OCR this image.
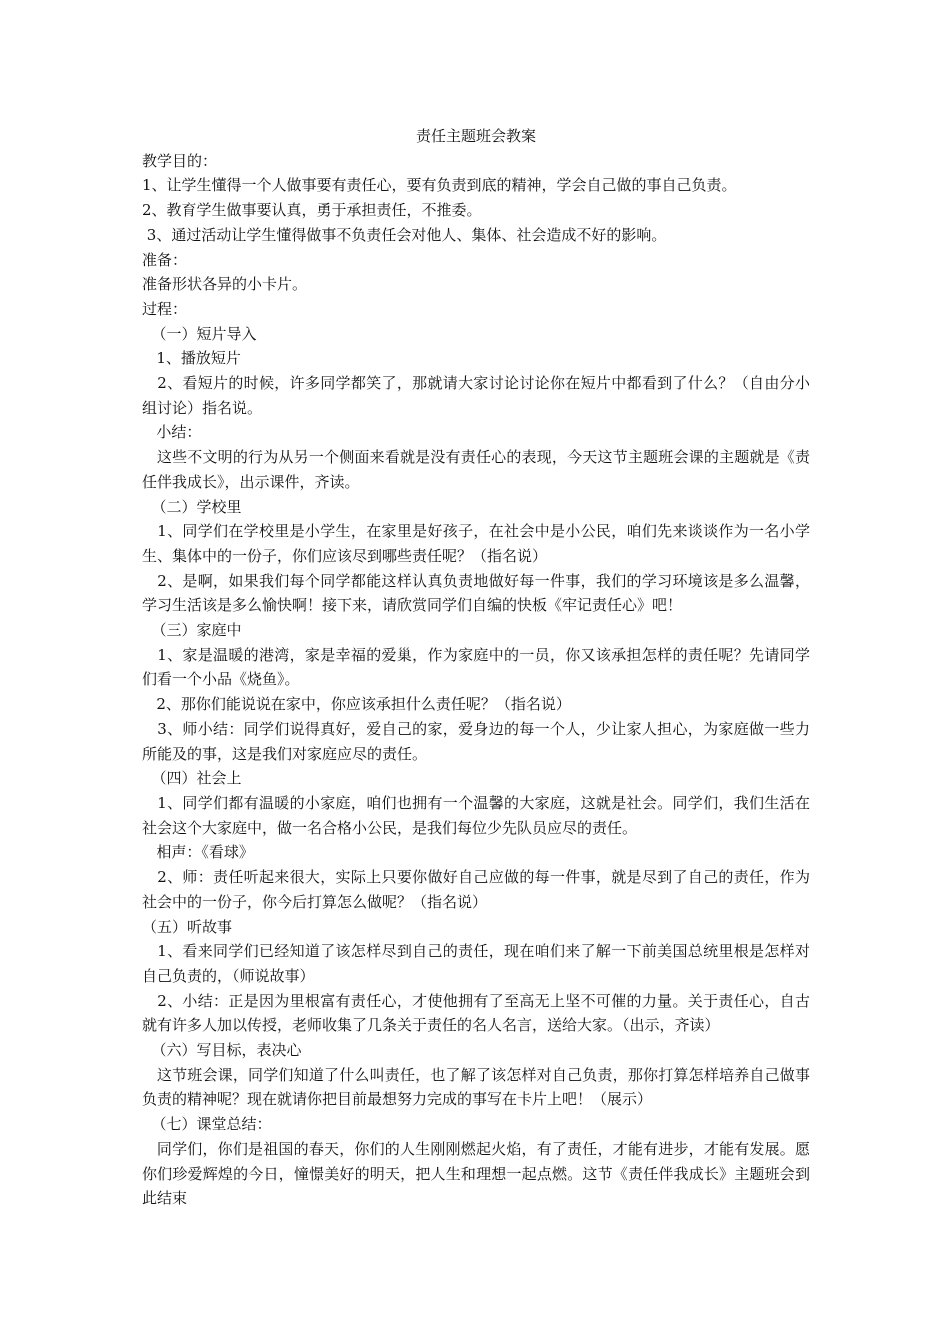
责任主题班会教案

教学目的：

1、让学生懂得一个人做事要有责任心，要有负责到底的精神，学会自己做的事自己负责。

2、教育学生做事要认真，勇于承担责任，不推委。

3、通过活动让学生懂得做事不负责任会对他人、集体、社会造成不好的影响。

准备：

准备形状各异的小卡片。

过程：

（一）短片导入

1、播放短片

2、看短片的时候，许多同学都笑了，那就请大家讨论讨论你在短片中都看到了什么？（自由分小组讨论）指名说。

小结：

这些不文明的行为从另一个侧面来看就是没有责任心的表现，今天这节主题班会课的主题就是《责任伴我成长》，出示课件，齐读。

（二）学校里

1、同学们在学校里是小学生，在家里是好孩子，在社会中是小公民，咱们先来谈谈作为一名小学生、集体中的一份子，你们应该尽到哪些责任呢？（指名说）

2、是啊，如果我们每个同学都能这样认真负责地做好每一件事，我们的学习环境该是多么温馨，学习生活该是多么愉快啊！接下来，请欣赏同学们自编的快板《牢记责任心》吧！

（三）家庭中

1、家是温暖的港湾，家是幸福的爱巢，作为家庭中的一员，你又该承担怎样的责任呢？先请同学们看一个小品《烧鱼》。

2、那你们能说说在家中，你应该承担什么责任呢？（指名说）

3、师小结：同学们说得真好，爱自己的家，爱身边的每一个人，少让家人担心，为家庭做一些力所能及的事，这是我们对家庭应尽的责任。

（四）社会上

1、同学们都有温暖的小家庭，咱们也拥有一个温馨的大家庭，这就是社会。同学们，我们生活在社会这个大家庭中，做一名合格小公民，是我们每位少先队员应尽的责任。

相声：《看球》

2、师：责任听起来很大，实际上只要你做好自己应做的每一件事，就是尽到了自己的责任，作为社会中的一份子，你今后打算怎么做呢？（指名说）

（五）听故事

1、看来同学们已经知道了该怎样尽到自己的责任，现在咱们来了解一下前美国总统里根是怎样对自己负责的，（师说故事）

2、小结：正是因为里根富有责任心，才使他拥有了至高无上坚不可催的力量。关于责任心，自古就有许多人加以传授，老师收集了几条关于责任的名人名言，送给大家。（出示，齐读）

（六）写目标，表决心

这节班会课，同学们知道了什么叫责任，也了解了该怎样对自己负责，那你打算怎样培养自己做事负责的精神呢？现在就请你把目前最想努力完成的事写在卡片上吧！（展示）

（七）课堂总结：

同学们，你们是祖国的春天，你们的人生刚刚燃起火焰，有了责任，才能有进步，才能有发展。愿你们珍爱辉煌的今日，憧憬美好的明天，把人生和理想一起点燃。这节《责任伴我成长》主题班会到此结束
